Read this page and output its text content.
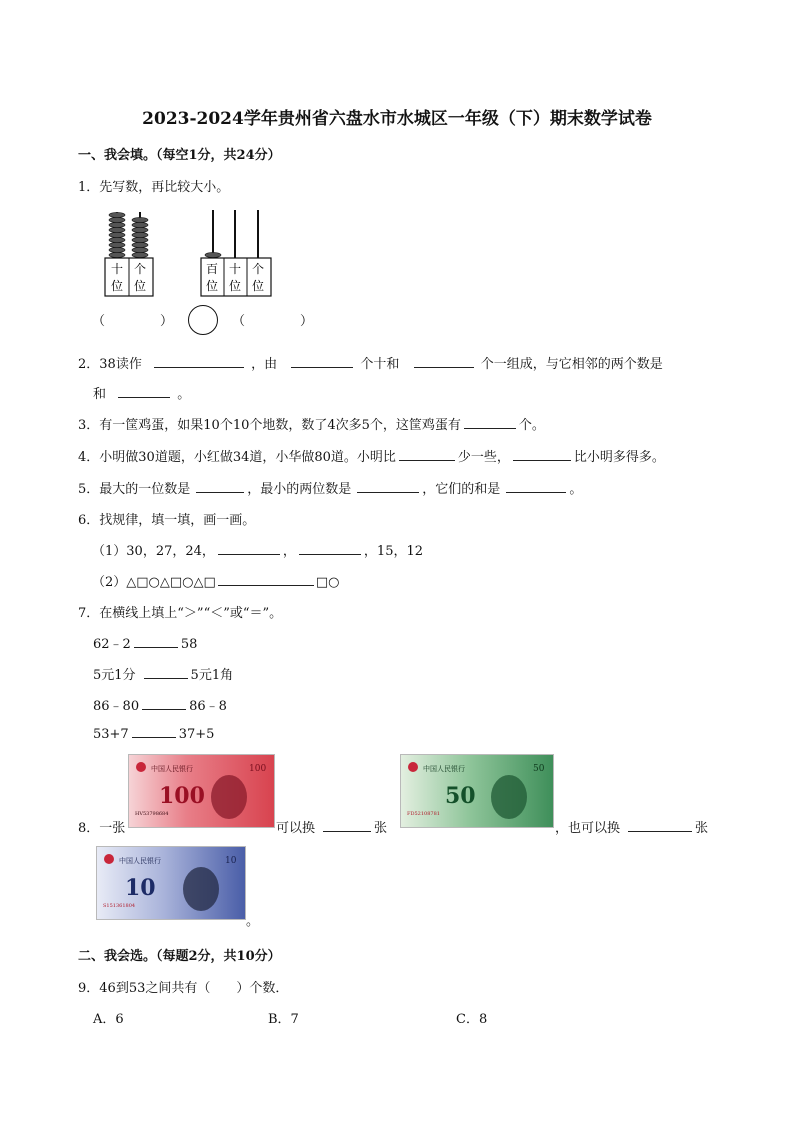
2023-2024学年贵州省六盘水市水城区一年级（下）期末数学试卷
一、我会填。（每空1分，共24分）
1．先写数，再比较大小。
十
位
个
位
百
位
十
位
个
位
（	）	（	）
2．38读作	，由	个十和	个一组成，与它相邻的两个数是
和	。
3．有一筐鸡蛋，如果10个10个地数，数了4次多5个，这筐鸡蛋有	个。
4．小明做30道题，小红做34道，小华做80道。小明比	少一些，	比小明多得多。
5．最大的一位数是	，最小的两位数是	，它们的和是	。
6．找规律，填一填，画一画。
（1）30，27，24，	，	，15，12
（2）△□○△□○△□	□○
7．在横线上填上“＞”“＜”或“＝”。
62﹣2	58
5元1分	5元1角
86﹣80	86﹣8
53+7	37+5
中国人民银行
100
100
HV53798684
中国人民银行
50
50
FD52108781
8．一张	可以换	张	，也可以换	张
中国人民银行
10
10
S151361804
。
二、我会选。（每题2分，共10分）
9．46到53之间共有（　　）个数．
A．6	B．7	C．8
